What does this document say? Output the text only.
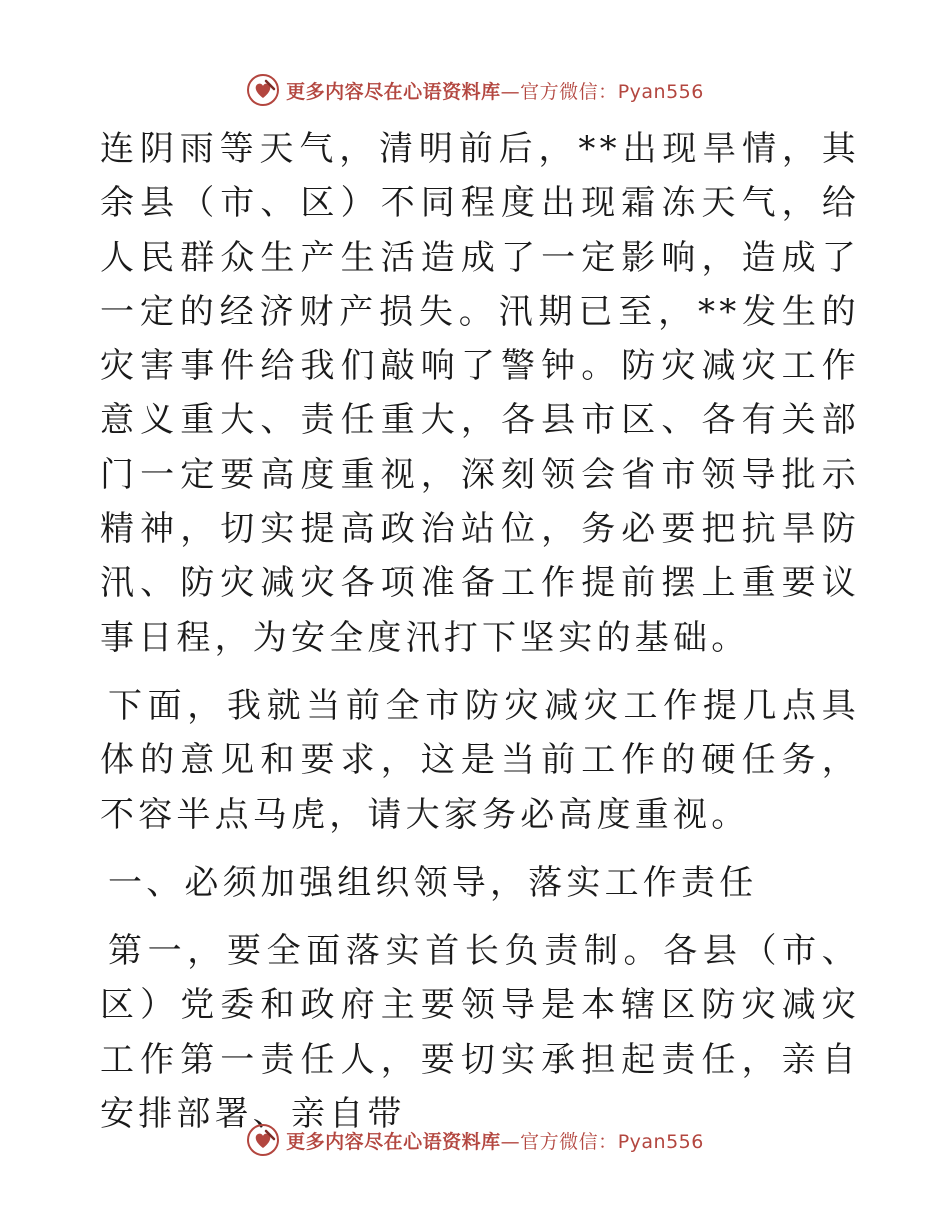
更多内容尽在心语资料库—官方微信：Pyan556

连阴雨等天气，清明前后，**出现旱情，其余县（市、区）不同程度出现霜冻天气，给人民群众生产生活造成了一定影响，造成了一定的经济财产损失。汛期已至，**发生的灾害事件给我们敲响了警钟。防灾减灾工作意义重大、责任重大，各县市区、各有关部门一定要高度重视，深刻领会省市领导批示精神，切实提高政治站位，务必要把抗旱防汛、防灾减灾各项准备工作提前摆上重要议事日程，为安全度汛打下坚实的基础。

下面，我就当前全市防灾减灾工作提几点具体的意见和要求，这是当前工作的硬任务，不容半点马虎，请大家务必高度重视。

一、必须加强组织领导，落实工作责任

第一，要全面落实首长负责制。各县（市、区）党委和政府主要领导是本辖区防灾减灾工作第一责任人，要切实承担起责任，亲自安排部署、亲自带

更多内容尽在心语资料库—官方微信：Pyan556
